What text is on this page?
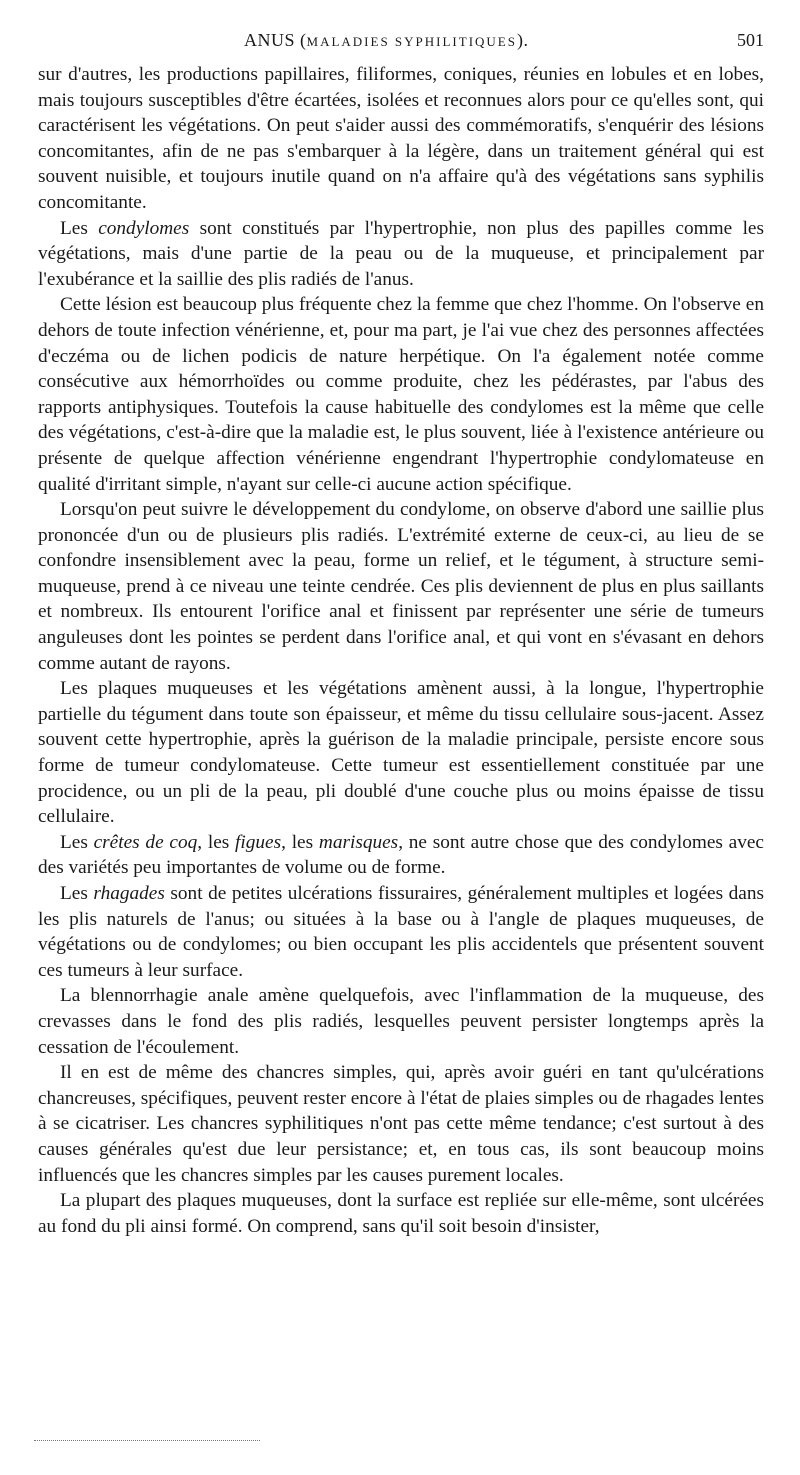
ANUS (MALADIES SYPHILITIQUES).	501

sur d'autres, les productions papillaires, filiformes, coniques, réunies en lobules et en lobes, mais toujours susceptibles d'être écartées, isolées et reconnues alors pour ce qu'elles sont, qui caractérisent les végétations. On peut s'aider aussi des commémoratifs, s'enquérir des lésions concomitantes, afin de ne pas s'embarquer à la légère, dans un traitement général qui est souvent nuisible, et toujours inutile quand on n'a affaire qu'à des végétations sans syphilis concomitante.

Les condylomes sont constitués par l'hypertrophie, non plus des papilles comme les végétations, mais d'une partie de la peau ou de la muqueuse, et principalement par l'exubérance et la saillie des plis radiés de l'anus.

Cette lésion est beaucoup plus fréquente chez la femme que chez l'homme. On l'observe en dehors de toute infection vénérienne, et, pour ma part, je l'ai vue chez des personnes affectées d'eczéma ou de lichen podicis de nature herpétique. On l'a également notée comme consécutive aux hémorrhoïdes ou comme produite, chez les pédérastes, par l'abus des rapports antiphysiques. Toutefois la cause habituelle des condylomes est la même que celle des végétations, c'est-à-dire que la maladie est, le plus souvent, liée à l'existence antérieure ou présente de quelque affection vénérienne engendrant l'hypertrophie condylomateuse en qualité d'irritant simple, n'ayant sur celle-ci aucune action spécifique.

Lorsqu'on peut suivre le développement du condylome, on observe d'abord une saillie plus prononcée d'un ou de plusieurs plis radiés. L'extrémité externe de ceux-ci, au lieu de se confondre insensiblement avec la peau, forme un relief, et le tégument, à structure semi-muqueuse, prend à ce niveau une teinte cendrée. Ces plis deviennent de plus en plus saillants et nombreux. Ils entourent l'orifice anal et finissent par représenter une série de tumeurs anguleuses dont les pointes se perdent dans l'orifice anal, et qui vont en s'évasant en dehors comme autant de rayons.

Les plaques muqueuses et les végétations amènent aussi, à la longue, l'hypertrophie partielle du tégument dans toute son épaisseur, et même du tissu cellulaire sous-jacent. Assez souvent cette hypertrophie, après la guérison de la maladie principale, persiste encore sous forme de tumeur condylomateuse. Cette tumeur est essentiellement constituée par une procidence, ou un pli de la peau, pli doublé d'une couche plus ou moins épaisse de tissu cellulaire.

Les crêtes de coq, les figues, les marisques, ne sont autre chose que des condylomes avec des variétés peu importantes de volume ou de forme.

Les rhagades sont de petites ulcérations fissuraires, généralement multiples et logées dans les plis naturels de l'anus; ou situées à la base ou à l'angle de plaques muqueuses, de végétations ou de condylomes; ou bien occupant les plis accidentels que présentent souvent ces tumeurs à leur surface.

La blennorrhagie anale amène quelquefois, avec l'inflammation de la muqueuse, des crevasses dans le fond des plis radiés, lesquelles peuvent persister longtemps après la cessation de l'écoulement.

Il en est de même des chancres simples, qui, après avoir guéri en tant qu'ulcérations chancreuses, spécifiques, peuvent rester encore à l'état de plaies simples ou de rhagades lentes à se cicatriser. Les chancres syphilitiques n'ont pas cette même tendance; c'est surtout à des causes générales qu'est due leur persistance; et, en tous cas, ils sont beaucoup moins influencés que les chancres simples par les causes purement locales.

La plupart des plaques muqueuses, dont la surface est repliée sur elle-même, sont ulcérées au fond du pli ainsi formé. On comprend, sans qu'il soit besoin d'insister,
